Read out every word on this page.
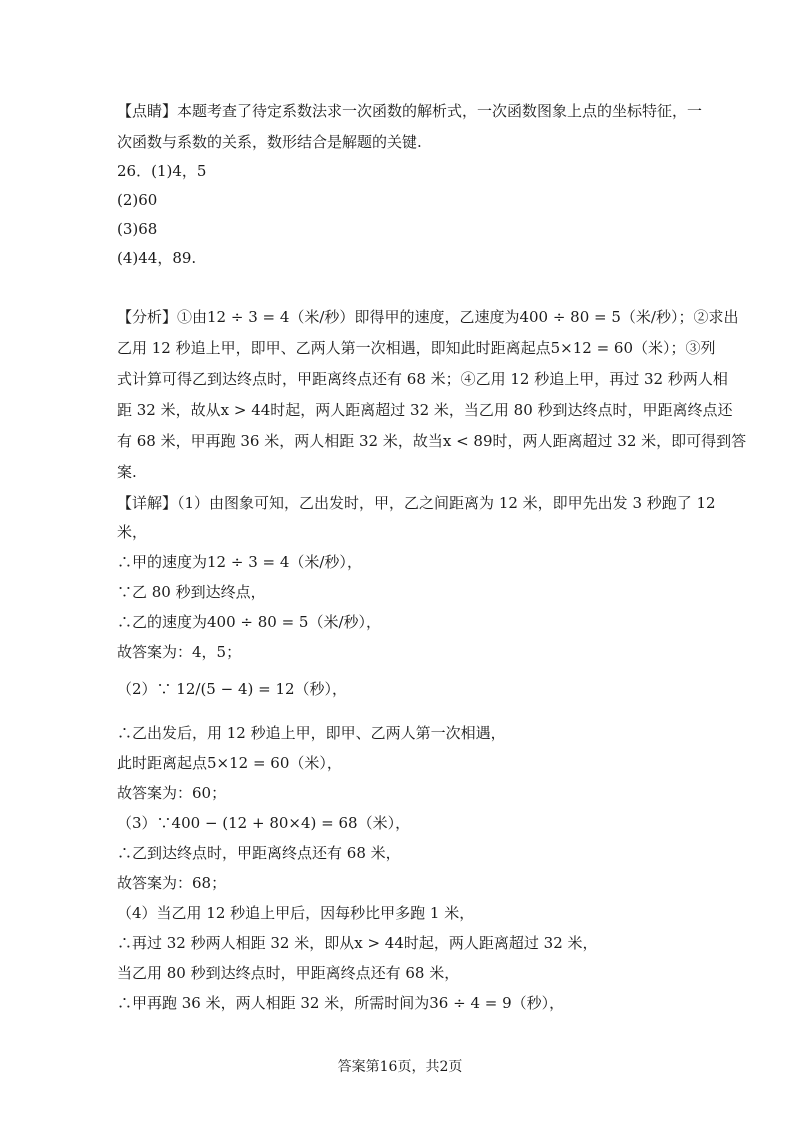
【点睛】本题考查了待定系数法求一次函数的解析式，一次函数图象上点的坐标特征，一
次函数与系数的关系，数形结合是解题的关键.
26．(1)4，5
(2)60
(3)68
(4)44，89.
【分析】①由12 ÷ 3 = 4（米/秒）即得甲的速度，乙速度为400 ÷ 80 = 5（米/秒）；②求出
乙用 12 秒追上甲，即甲、乙两人第一次相遇，即知此时距离起点5×12 = 60（米）；③列
式计算可得乙到达终点时，甲距离终点还有 68 米；④乙用 12 秒追上甲，再过 32 秒两人相
距 32 米，故从x > 44时起，两人距离超过 32 米，当乙用 80 秒到达终点时，甲距离终点还
有 68 米，甲再跑 36 米，两人相距 32 米，故当x < 89时，两人距离超过 32 米，即可得到答
案.
【详解】（1）由图象可知，乙出发时，甲，乙之间距离为 12 米，即甲先出发 3 秒跑了 12
米，
∴甲的速度为12 ÷ 3 = 4（米/秒），
∵乙 80 秒到达终点，
∴乙的速度为400 ÷ 80 = 5（米/秒），
故答案为：4，5；
（2）∵ 12/(5 − 4) = 12（秒），
∴乙出发后，用 12 秒追上甲，即甲、乙两人第一次相遇，
此时距离起点5×12 = 60（米），
故答案为：60；
（3）∵400 − (12 + 80×4) = 68（米），
∴乙到达终点时，甲距离终点还有 68 米，
故答案为：68；
（4）当乙用 12 秒追上甲后，因每秒比甲多跑 1 米，
∴再过 32 秒两人相距 32 米，即从x > 44时起，两人距离超过 32 米，
当乙用 80 秒到达终点时，甲距离终点还有 68 米，
∴甲再跑 36 米，两人相距 32 米，所需时间为36 ÷ 4 = 9（秒），
答案第16页，共2页
